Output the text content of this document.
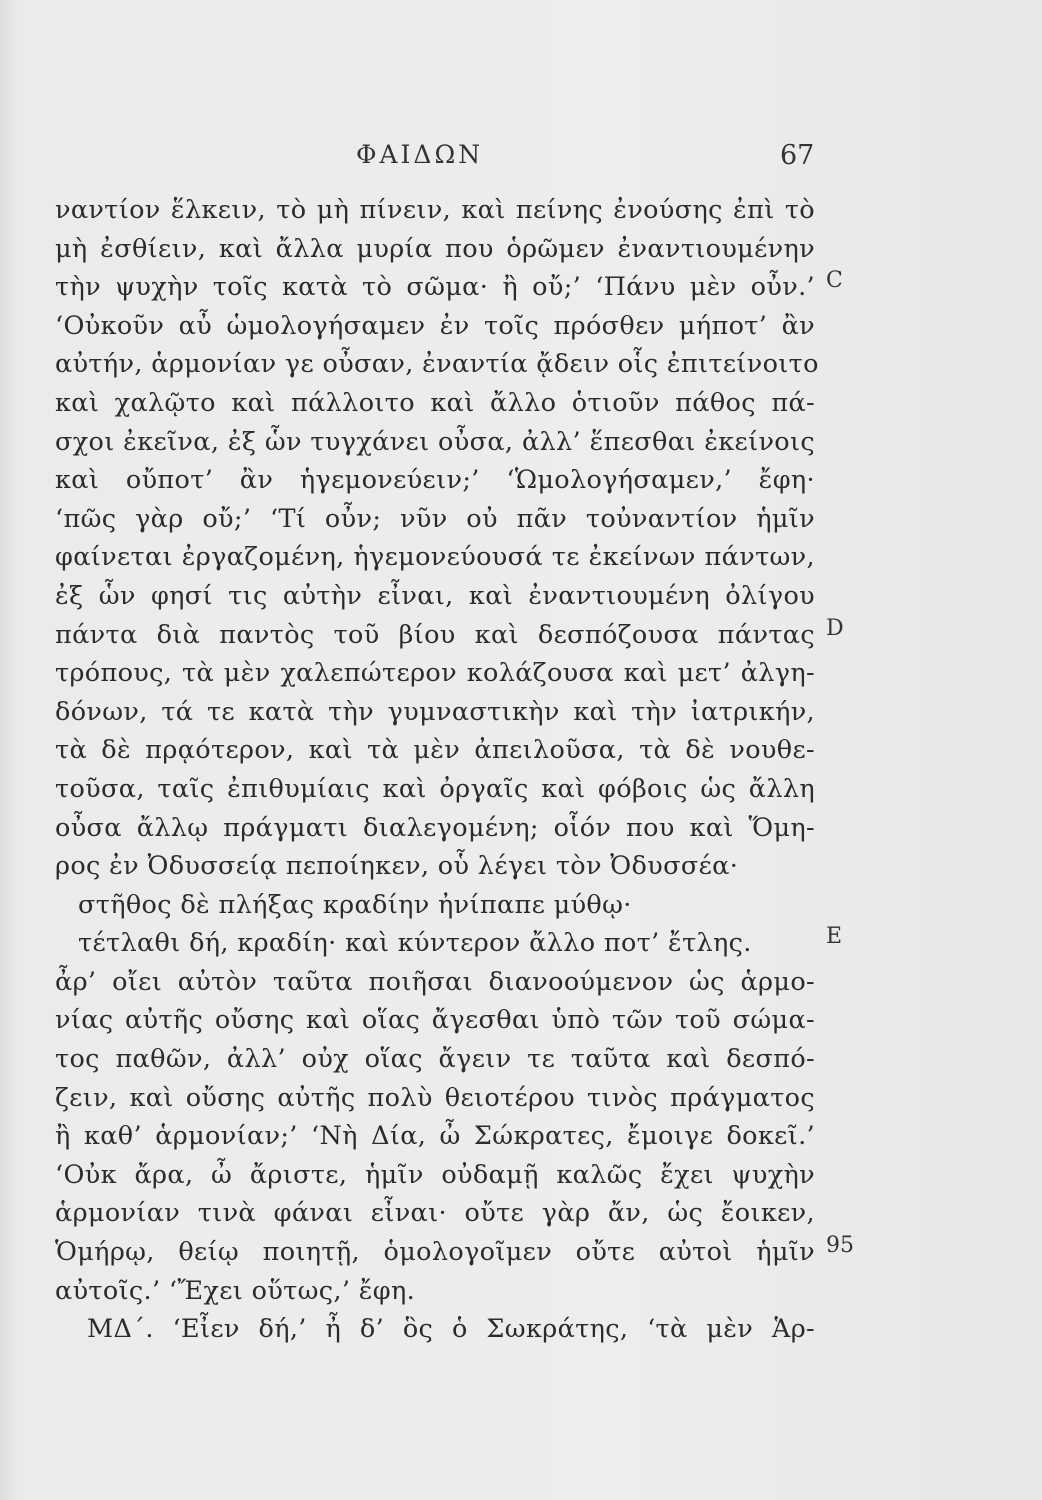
ΦΑΙΔΩΝ	67
ναντίον ἕλκειν, τὸ μὴ πίνειν, καὶ πείνης ἐνούσης ἐπὶ τὸ
μὴ ἐσθίειν, καὶ ἄλλα μυρία που ὁρῶμεν ἐναντιουμένην
τὴν ψυχὴν τοῖς κατὰ τὸ σῶμα· ἢ οὔ;’ ‘Πάνυ μὲν οὖν.’
‘Οὐκοῦν αὖ ὡμολογήσαμεν ἐν τοῖς πρόσθεν μήποτ’ ἂν
αὐτήν, ἁρμονίαν γε οὖσαν, ἐναντία ᾄδειν οἷς ἐπιτείνοιτο
καὶ χαλῷτο καὶ πάλλοιτο καὶ ἄλλο ὁτιοῦν πάθος πά-
σχοι ἐκεῖνα, ἐξ ὧν τυγχάνει οὖσα, ἀλλ’ ἕπεσθαι ἐκείνοις
καὶ οὔποτ’ ἂν ἡγεμονεύειν;’ ‘Ὡμολογήσαμεν,’ ἔφη·
‘πῶς γὰρ οὔ;’ ‘Τί οὖν; νῦν οὐ πᾶν τοὐναντίον ἡμῖν
φαίνεται ἐργαζομένη, ἡγεμονεύουσά τε ἐκείνων πάντων,
ἐξ ὧν φησί τις αὐτὴν εἶναι, καὶ ἐναντιουμένη ὀλίγου
πάντα διὰ παντὸς τοῦ βίου καὶ δεσπόζουσα πάντας
τρόπους, τὰ μὲν χαλεπώτερον κολάζουσα καὶ μετ’ ἀλγη-
δόνων, τά τε κατὰ τὴν γυμναστικὴν καὶ τὴν ἰατρικήν,
τὰ δὲ πρᾳότερον, καὶ τὰ μὲν ἀπειλοῦσα, τὰ δὲ νουθε-
τοῦσα, ταῖς ἐπιθυμίαις καὶ ὀργαῖς καὶ φόβοις ὡς ἄλλη
οὖσα ἄλλῳ πράγματι διαλεγομένη; οἷόν που καὶ Ὅμη-
ρος ἐν Ὀδυσσείᾳ πεποίηκεν, οὗ λέγει τὸν Ὀδυσσέα·
στῆθος δὲ πλήξας κραδίην ἠνίπαπε μύθῳ·
τέτλαθι δή, κραδίη· καὶ κύντερον ἄλλο ποτ’ ἔτλης.
ἆρ’ οἴει αὐτὸν ταῦτα ποιῆσαι διανοούμενον ὡς ἁρμο-
νίας αὐτῆς οὔσης καὶ οἵας ἄγεσθαι ὑπὸ τῶν τοῦ σώμα-
τος παθῶν, ἀλλ’ οὐχ οἵας ἄγειν τε ταῦτα καὶ δεσπό-
ζειν, καὶ οὔσης αὐτῆς πολὺ θειοτέρου τινὸς πράγματος
ἢ καθ’ ἁρμονίαν;’ ‘Νὴ Δία, ὦ Σώκρατες, ἔμοιγε δοκεῖ.’
‘Οὐκ ἄρα, ὦ ἄριστε, ἡμῖν οὐδαμῇ καλῶς ἔχει ψυχὴν
ἁρμονίαν τινὰ φάναι εἶναι· οὔτε γὰρ ἄν, ὡς ἔοικεν,
Ὁμήρῳ, θείῳ ποιητῇ, ὁμολογοῖμεν οὔτε αὐτοὶ ἡμῖν
αὐτοῖς.’ ‘Ἔχει οὕτως,’ ἔφη.
ΜΔ΄. ‘Εἶεν δή,’ ἦ δ’ ὃς ὁ Σωκράτης, ‘τὰ μὲν Ἁρ-
C
D
E
95
